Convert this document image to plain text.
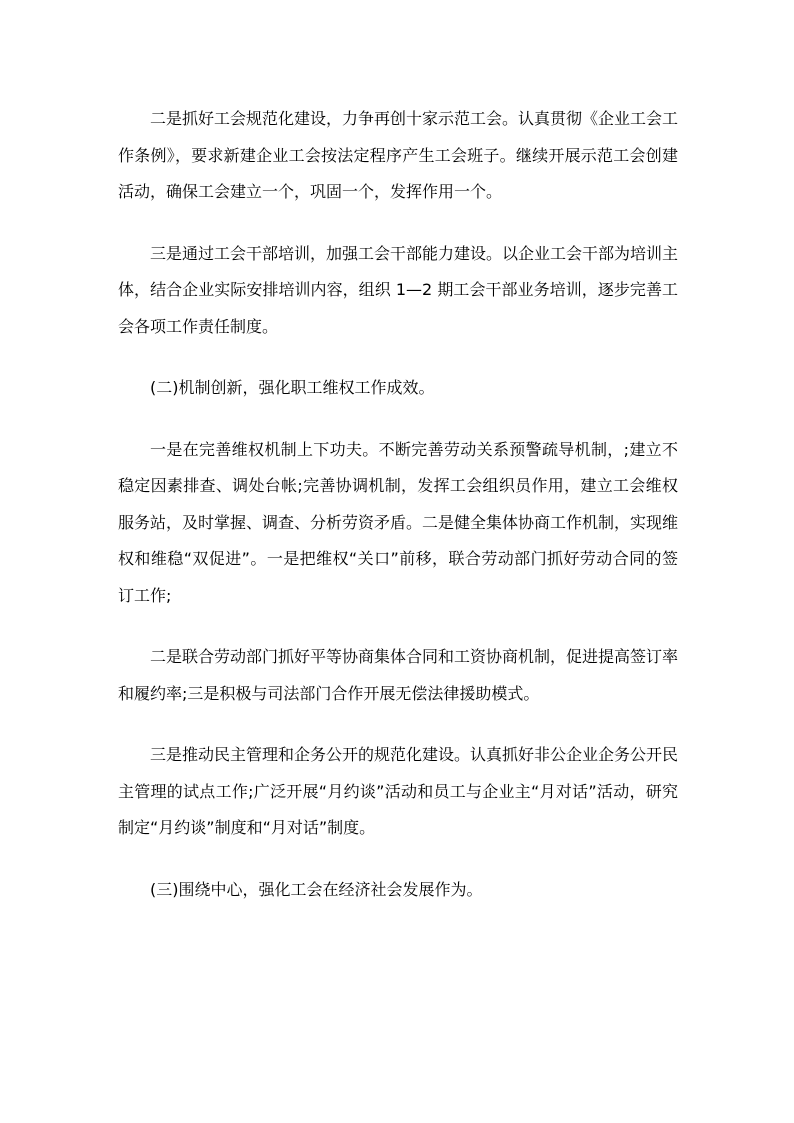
二是抓好工会规范化建设，力争再创十家示范工会。认真贯彻《企业工会工作条例》，要求新建企业工会按法定程序产生工会班子。继续开展示范工会创建活动，确保工会建立一个，巩固一个，发挥作用一个。

三是通过工会干部培训，加强工会干部能力建设。以企业工会干部为培训主体，结合企业实际安排培训内容，组织 1—2 期工会干部业务培训，逐步完善工会各项工作责任制度。

(二)机制创新，强化职工维权工作成效。

一是在完善维权机制上下功夫。不断完善劳动关系预警疏导机制，;建立不稳定因素排查、调处台帐;完善协调机制，发挥工会组织员作用，建立工会维权服务站，及时掌握、调查、分析劳资矛盾。二是健全集体协商工作机制，实现维权和维稳“双促进”。一是把维权“关口”前移，联合劳动部门抓好劳动合同的签订工作;

二是联合劳动部门抓好平等协商集体合同和工资协商机制，促进提高签订率和履约率;三是积极与司法部门合作开展无偿法律援助模式。

三是推动民主管理和企务公开的规范化建设。认真抓好非公企业企务公开民主管理的试点工作;广泛开展“月约谈”活动和员工与企业主“月对话”活动，研究制定“月约谈”制度和“月对话”制度。

(三)围绕中心，强化工会在经济社会发展作为。
